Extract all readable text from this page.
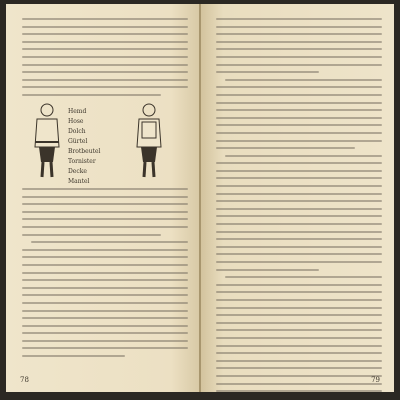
Hemd
Hose
Dolch
Gürtel
Brotbeutel
Tornister
Decke
Mantel
78	79
